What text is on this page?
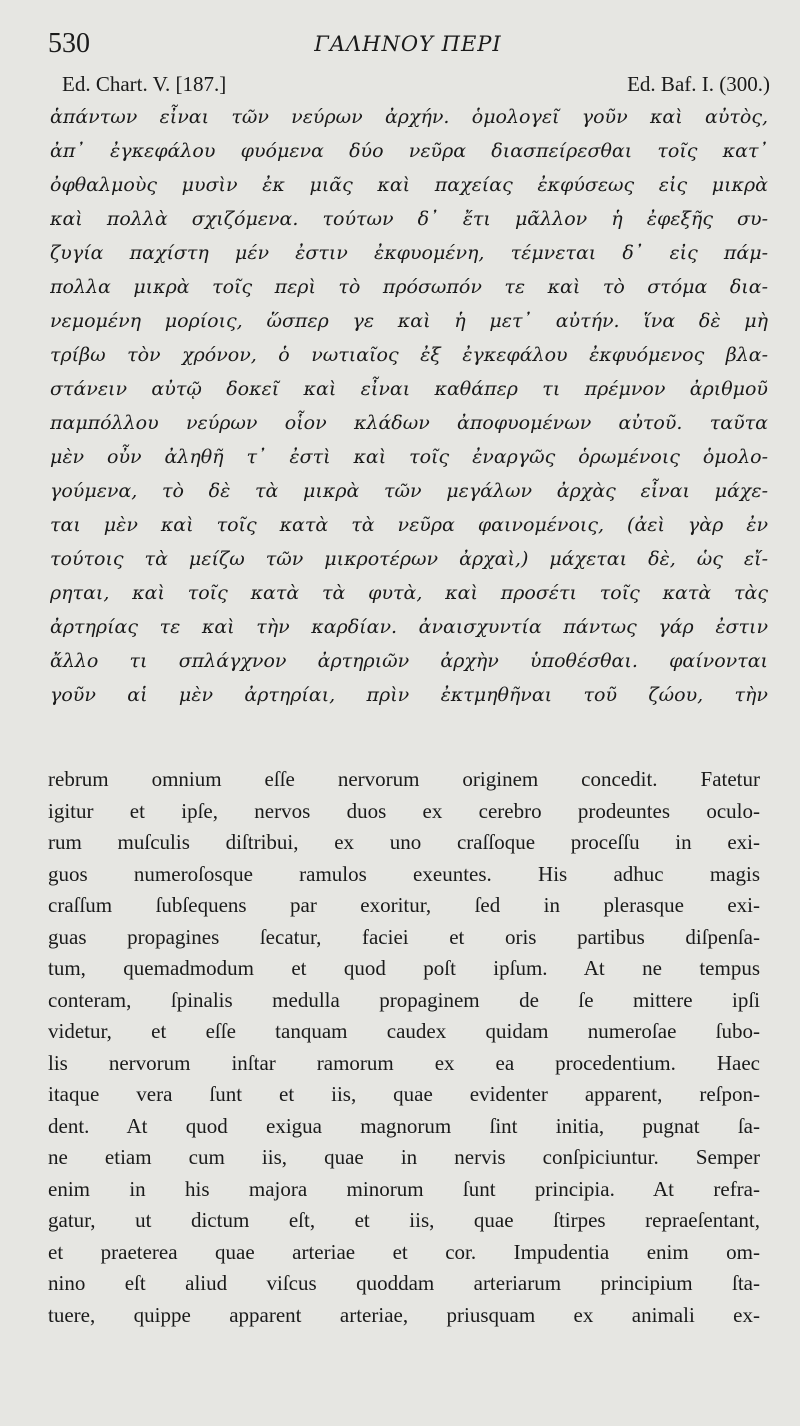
530	ΓΑΛΗΝΟΥ ΠΕΡΙ
Ed. Chart. V. [187.]	Ed. Baf. I. (300.)
ἁπάντων εἶναι τῶν νεύρων ἀρχήν. ὁμολογεῖ γοῦν καὶ αὐτὸς,
ἀπ᾽ ἐγκεφάλου φυόμενα δύο νεῦρα διασπείρεσθαι τοῖς κατ᾽
ὀφθαλμοὺς μυσὶν ἐκ μιᾶς καὶ παχείας ἐκφύσεως εἰς μικρὰ
καὶ πολλὰ σχιζόμενα. τούτων δ᾽ ἔτι μᾶλλον ἡ ἐφεξῆς συ-
ζυγία παχίστη μέν ἐστιν ἐκφυομένη, τέμνεται δ᾽ εἰς πάμ-
πολλα μικρὰ τοῖς περὶ τὸ πρόσωπόν τε καὶ τὸ στόμα δια-
νεμομένη μορίοις, ὥσπερ γε καὶ ἡ μετ᾽ αὐτήν. ἵνα δὲ μὴ
τρίβω τὸν χρόνον, ὁ νωτιαῖος ἐξ ἐγκεφάλου ἐκφυόμενος βλα-
στάνειν αὐτῷ δοκεῖ καὶ εἶναι καθάπερ τι πρέμνον ἀριθμοῦ
παμπόλλου νεύρων οἷον κλάδων ἀποφυομένων αὐτοῦ. ταῦτα
μὲν οὖν ἀληθῆ τ᾽ ἐστὶ καὶ τοῖς ἐναργῶς ὁρωμένοις ὁμολο-
γούμενα, τὸ δὲ τὰ μικρὰ τῶν μεγάλων ἀρχὰς εἶναι μάχε-
ται μὲν καὶ τοῖς κατὰ τὰ νεῦρα φαινομένοις, (ἀεὶ γὰρ ἐν
τούτοις τὰ μείζω τῶν μικροτέρων ἀρχαὶ,) μάχεται δὲ, ὡς εἴ-
ρηται, καὶ τοῖς κατὰ τὰ φυτὰ, καὶ προσέτι τοῖς κατὰ τὰς
ἀρτηρίας τε καὶ τὴν καρδίαν. ἀναισχυντία πάντως γάρ ἐστιν
ἄλλο τι σπλάγχνον ἀρτηριῶν ἀρχὴν ὑποθέσθαι. φαίνονται
γοῦν αἱ μὲν ἀρτηρίαι, πρὶν ἐκτμηθῆναι τοῦ ζώου, τὴν
rebrum omnium eſſe nervorum originem concedit. Fatetur
igitur et ipſe, nervos duos ex cerebro prodeuntes oculo-
rum muſculis diſtribui, ex uno craſſoque proceſſu in exi-
guos numeroſosque ramulos exeuntes. His adhuc magis
craſſum ſubſequens par exoritur, ſed in plerasque exi-
guas propagines ſecatur, faciei et oris partibus diſpenſa-
tum, quemadmodum et quod poſt ipſum. At ne tempus
conteram, ſpinalis medulla propaginem de ſe mittere ipſi
videtur, et eſſe tanquam caudex quidam numeroſae ſubo-
lis nervorum inſtar ramorum ex ea procedentium. Haec
itaque vera ſunt et iis, quae evidenter apparent, reſpon-
dent. At quod exigua magnorum ſint initia, pugnat ſa-
ne etiam cum iis, quae in nervis conſpiciuntur. Semper
enim in his majora minorum ſunt principia. At refra-
gatur, ut dictum eſt, et iis, quae ſtirpes repraeſentant,
et praeterea quae arteriae et cor. Impudentia enim om-
nino eſt aliud viſcus quoddam arteriarum principium ſta-
tuere, quippe apparent arteriae, priusquam ex animali ex-
